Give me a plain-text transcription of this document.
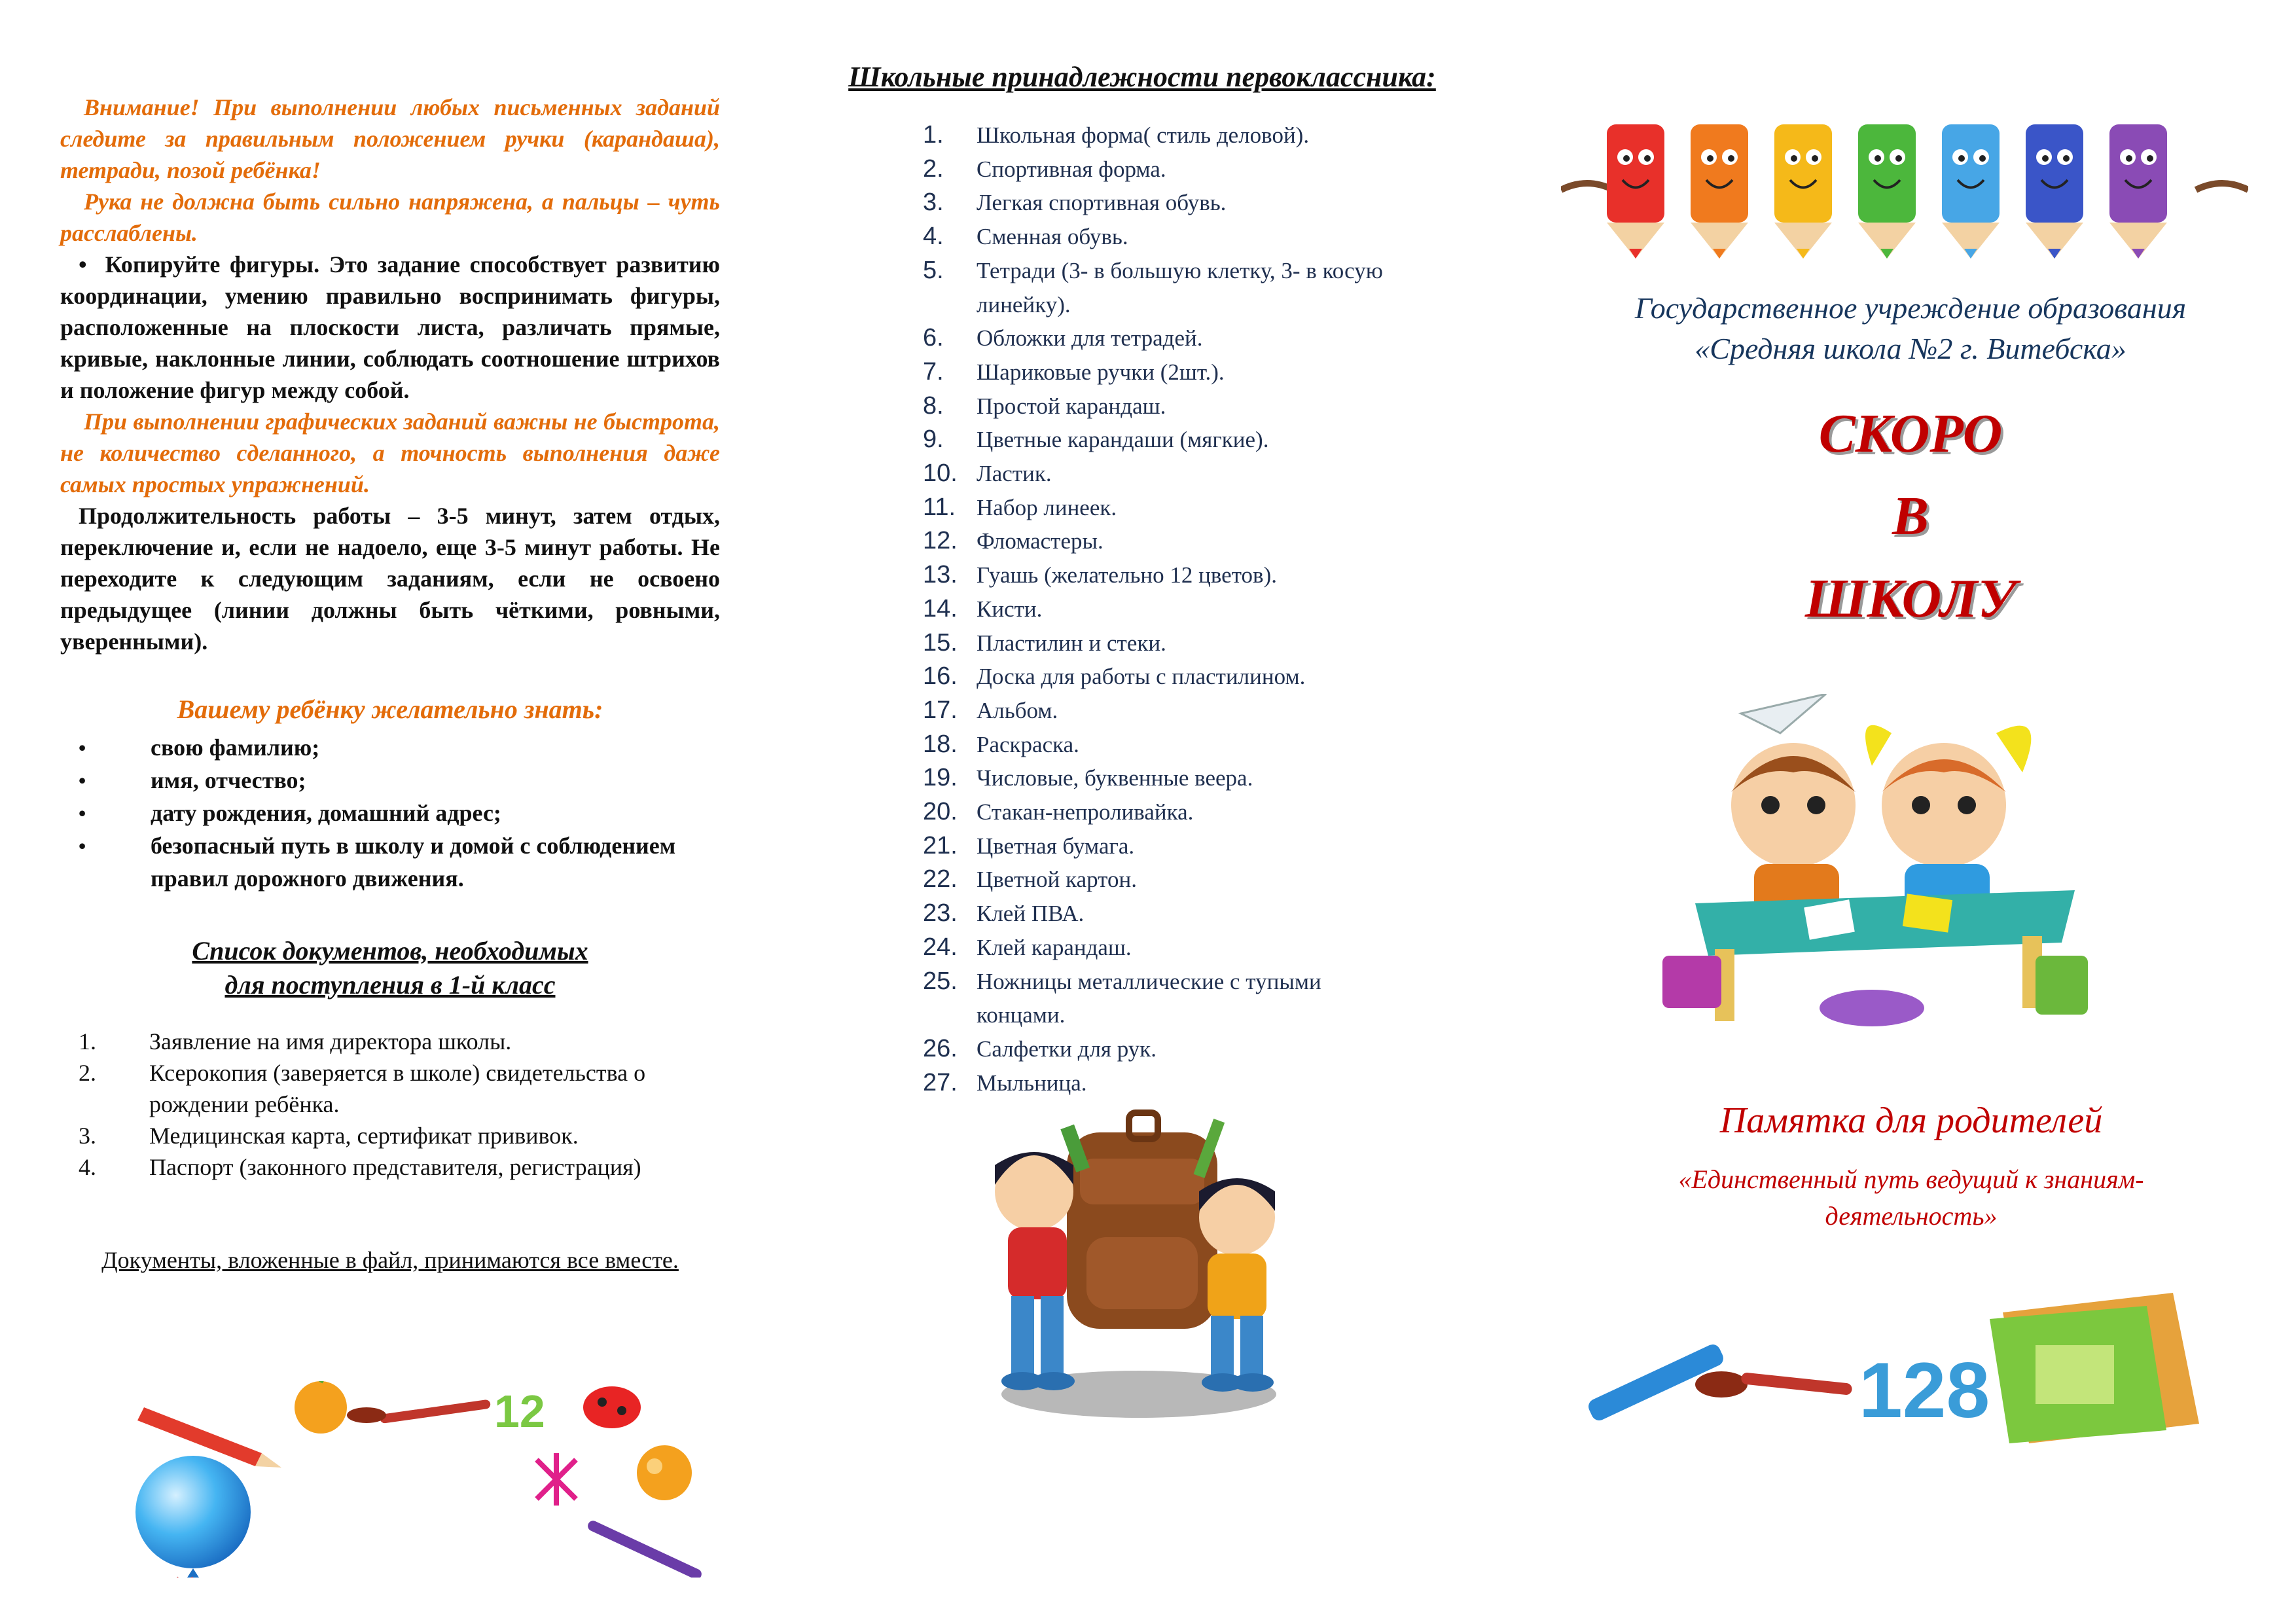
Внимание! При выполнении любых письменных заданий следите за правильным положением ручки (карандаша), тетради, позой ребёнка!

Рука не должна быть сильно напряжена, а пальцы – чуть расслаблены.

• Копируйте фигуры. Это задание способствует развитию координации, умению правильно воспринимать фигуры, расположенные на плоскости листа, различать прямые, кривые, наклонные линии, соблюдать соотношение штрихов и положение фигур между собой.

При выполнении графических заданий важны не быстрота, не количество сделанного, а точность выполнения даже самых простых упражнений.

Продолжительность работы – 3-5 минут, затем отдых, переключение и, если не надоело, еще 3-5 минут работы. Не переходите к следующим заданиям, если не освоено предыдущее (линии должны быть чёткими, ровными, уверенными).

Вашему ребёнку желательно знать:
• свою фамилию;
• имя, отчество;
• дату рождения, домашний адрес;
• безопасный путь в школу и домой с соблюдением правил дорожного движения.
Список документов, необходимых
для поступления в 1-й класс
1. Заявление на имя директора школы.
2. Ксерокопия (заверяется в школе) свидетельства о рождении ребёнка.
3. Медицинская карта, сертификат прививок.
4. Паспорт (законного представителя, регистрация)
Документы, вложенные в файл, принимаются все вместе.
12
Школьные принадлежности первоклассника:
1. Школьная форма( стиль деловой).
2. Спортивная форма.
3. Легкая спортивная обувь.
4. Сменная обувь.
5. Тетради (3- в большую клетку, 3- в косую линейку).
6. Обложки для тетрадей.
7. Шариковые ручки (2шт.).
8. Простой карандаш.
9. Цветные карандаши (мягкие).
10. Ластик.
11. Набор линеек.
12. Фломастеры.
13. Гуашь (желательно 12 цветов).
14. Кисти.
15. Пластилин и стеки.
16. Доска для работы с пластилином.
17. Альбом.
18. Раскраска.
19. Числовые, буквенные веера.
20. Стакан-непроливайка.
21. Цветная бумага.
22. Цветной картон.
23. Клей ПВА.
24. Клей карандаш.
25. Ножницы металлические с тупыми концами.
26. Салфетки для рук.
27. Мыльница.
Государственное учреждение образования
«Средняя школа №2 г. Витебска»
СКОРО
В
ШКОЛУ
Памятка для родителей
«Единственный путь ведущий к знаниям- деятельность»
128
